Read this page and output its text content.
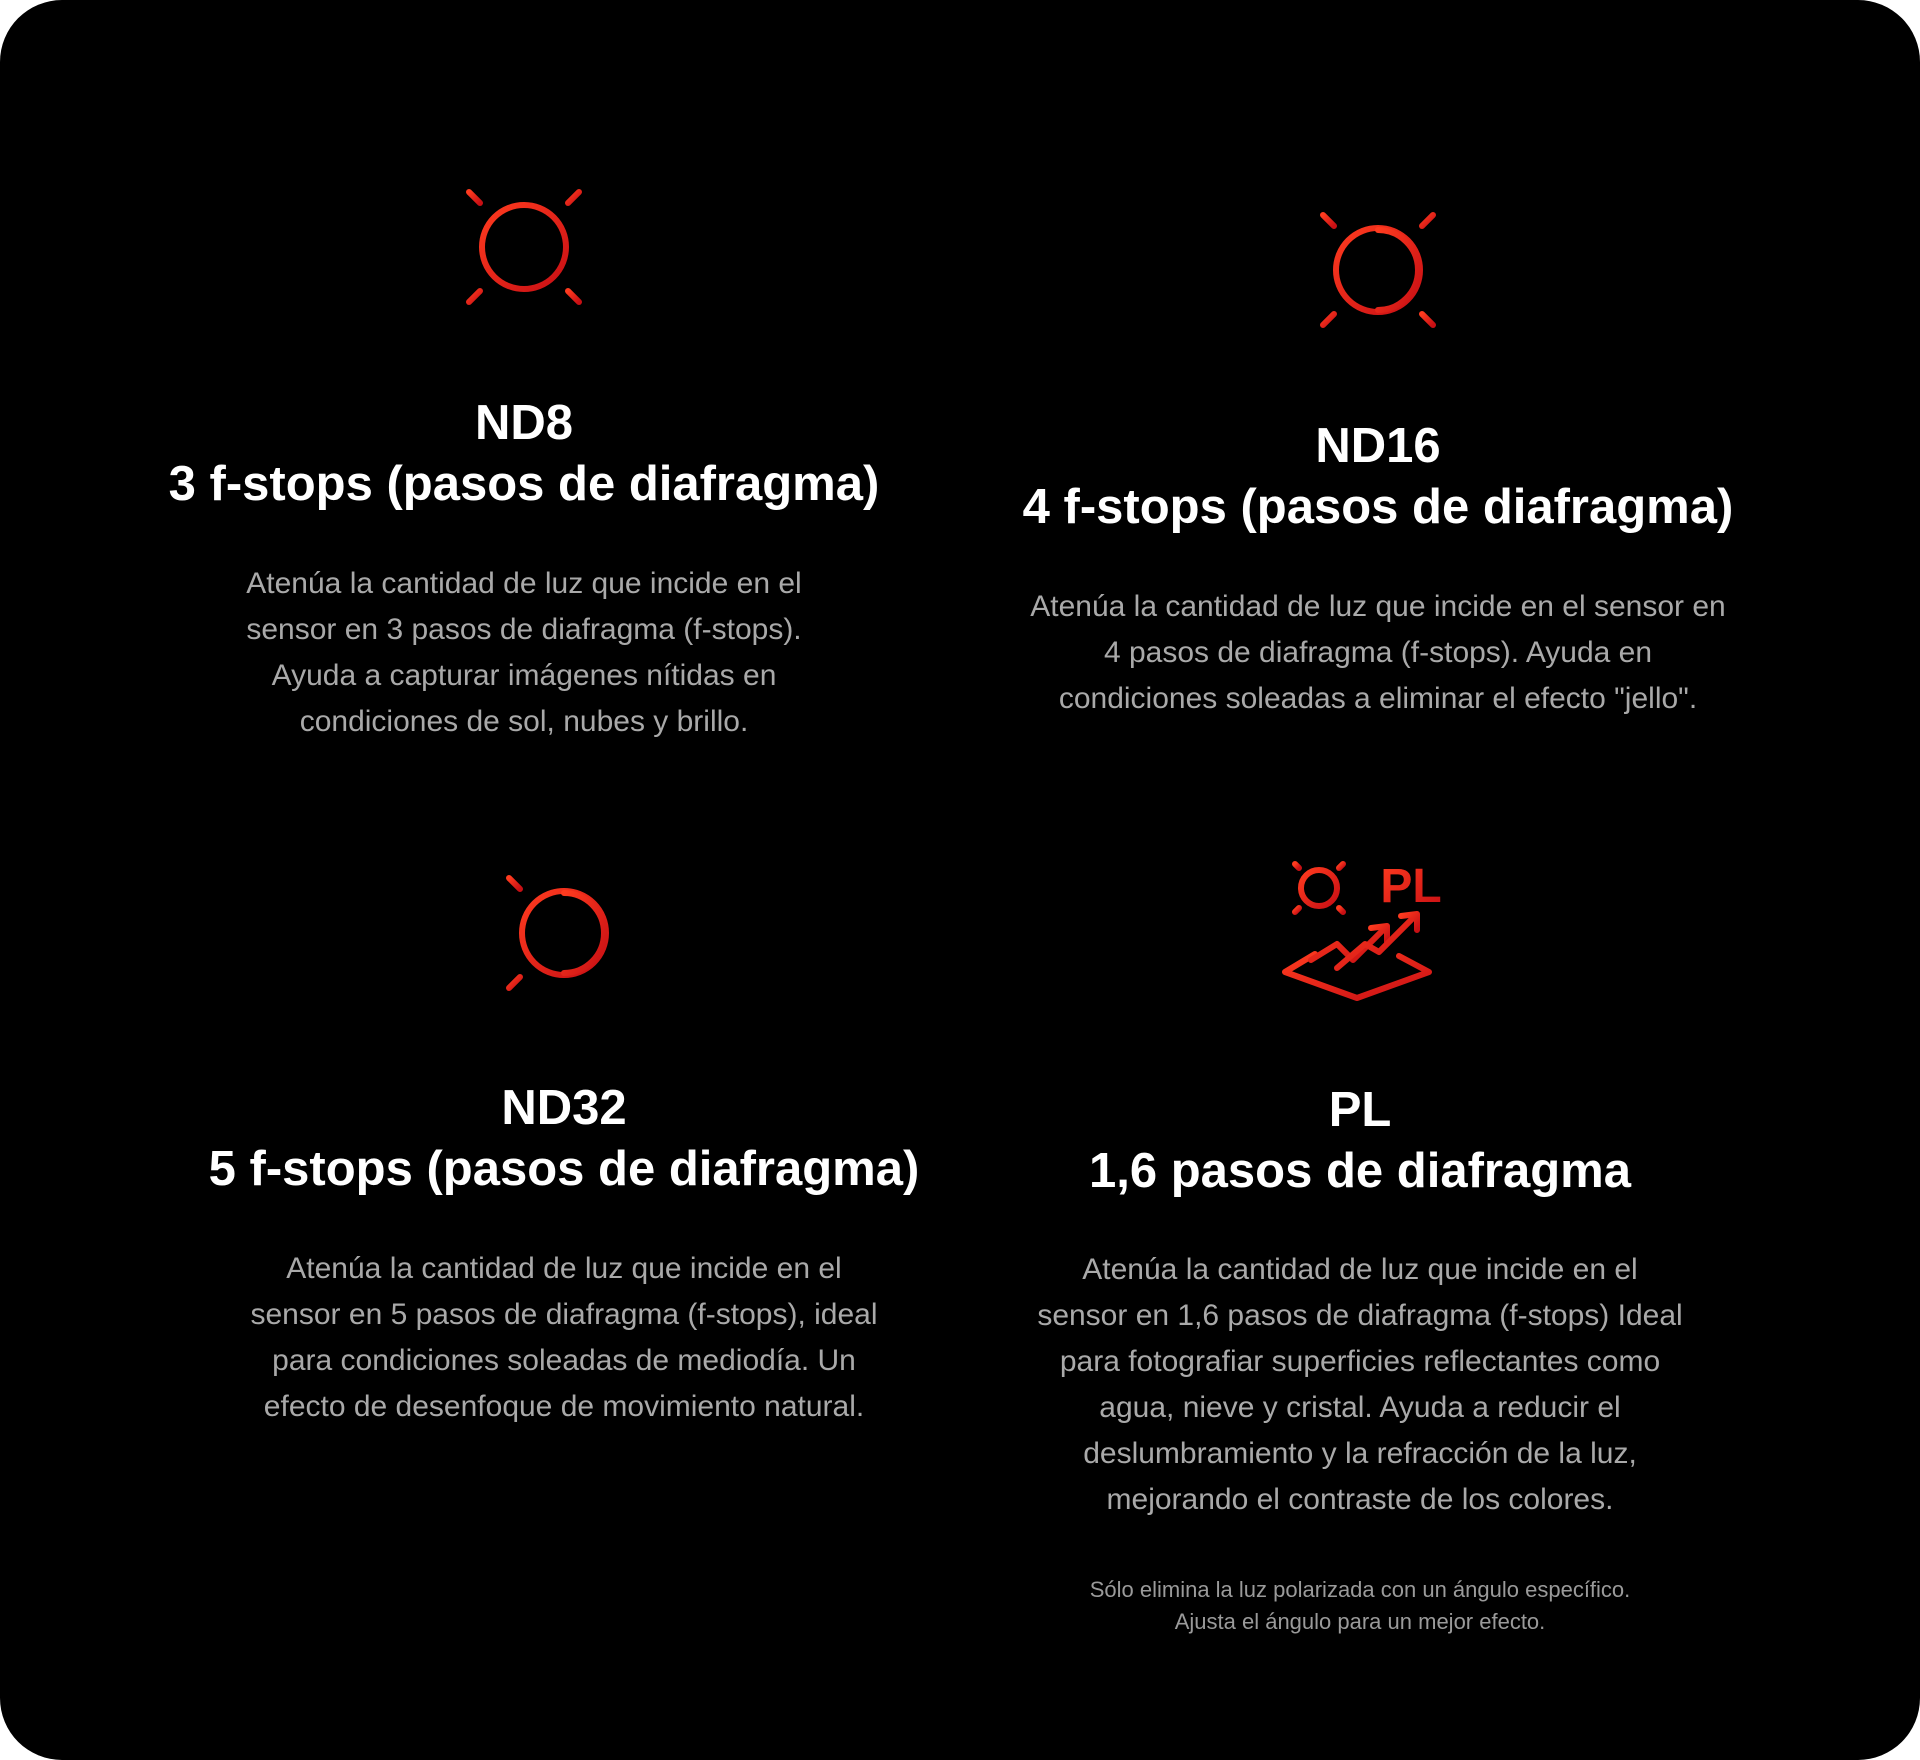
ND8
3 f-stops (pasos de diafragma)

Atenúa la cantidad de luz que incide en el sensor en 3 pasos de diafragma (f-stops). Ayuda a capturar imágenes nítidas en condiciones de sol, nubes y brillo.

ND16
4 f-stops (pasos de diafragma)

Atenúa la cantidad de luz que incide en el sensor en 4 pasos de diafragma (f-stops). Ayuda en condiciones soleadas a eliminar el efecto "jello".

ND32
5 f-stops (pasos de diafragma)

Atenúa la cantidad de luz que incide en el sensor en 5 pasos de diafragma (f-stops), ideal para condiciones soleadas de mediodía. Un efecto de desenfoque de movimiento natural.

PL
PL
1,6 pasos de diafragma

Atenúa la cantidad de luz que incide en el sensor en 1,6 pasos de diafragma (f-stops) Ideal para fotografiar superficies reflectantes como agua, nieve y cristal. Ayuda a reducir el deslumbramiento y la refracción de la luz, mejorando el contraste de los colores.

Sólo elimina la luz polarizada con un ángulo específico.
Ajusta el ángulo para un mejor efecto.
